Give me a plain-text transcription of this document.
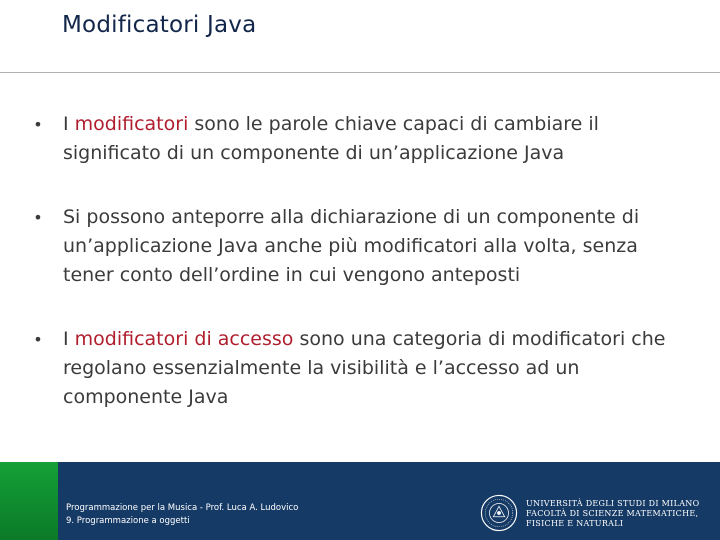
Modificatori Java
• I modificatori sono le parole chiave capaci di cambiare il significato di un componente di un’applicazione Java
• Si possono anteporre alla dichiarazione di un componente di un’applicazione Java anche più modificatori alla volta, senza tener conto dell’ordine in cui vengono anteposti
• I modificatori di accesso sono una categoria di modificatori che regolano essenzialmente la visibilità e l’accesso ad un componente Java
Programmazione per la Musica - Prof. Luca A. Ludovico
9. Programmazione a oggetti
UNIVERSITÀ DEGLI STUDI DI MILANO
FACOLTÀ DI SCIENZE MATEMATICHE,
FISICHE E NATURALI
